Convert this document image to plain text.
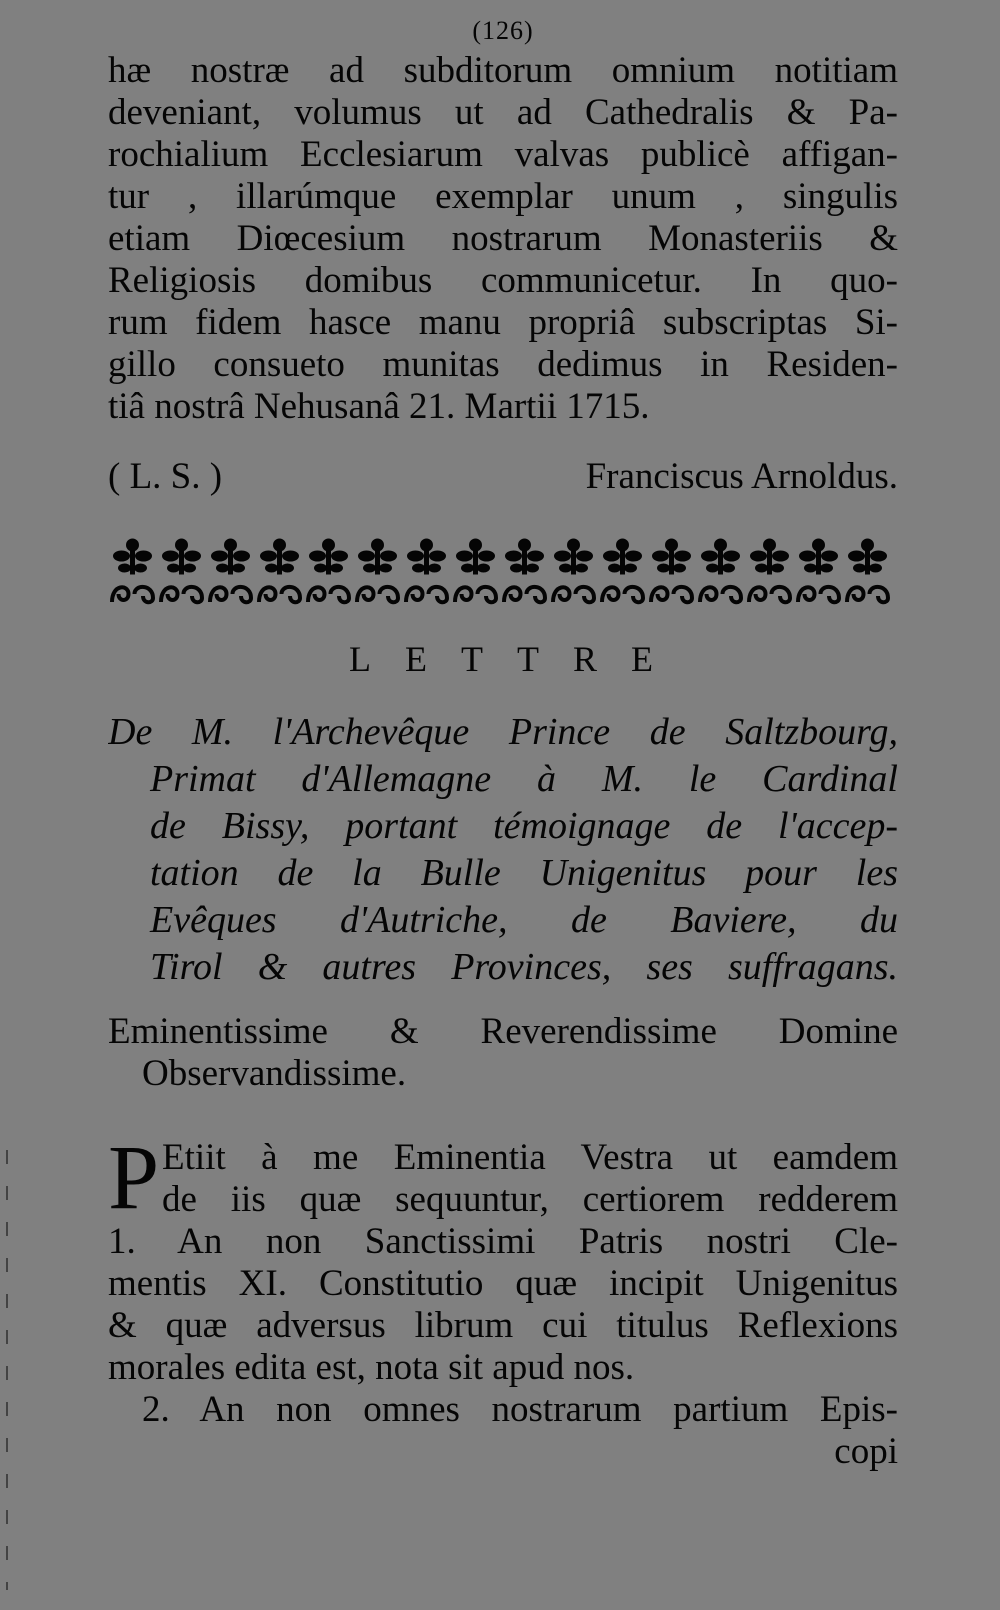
(126)
hæ nostræ ad subditorum omnium notitiam
deveniant, volumus ut ad Cathedralis & Pa-
rochialium Ecclesiarum valvas publicè affigan-
tur , illarúmque exemplar unum , singulis
etiam Diœcesium nostrarum Monasteriis &
Religiosis domibus communicetur. In quo-
rum fidem hasce manu propriâ subscriptas Si-
gillo consueto munitas dedimus in Residen-
tiâ nostrâ Nehusanâ 21. Martii 1715.
( L. S. )	Franciscus Arnoldus.
LETTRE
De M. l'Archevêque Prince de Saltzbourg,
Primat d'Allemagne à M. le Cardinal
de Bissy, portant témoignage de l'accep-
tation de la Bulle Unigenitus pour les
Evêques d'Autriche, de Baviere, du
Tirol & autres Provinces, ses suffragans.
Eminentissime & Reverendissime Domine
Observandissime.
P Etiit à me Eminentia Vestra ut eamdem
de iis quæ sequuntur, certiorem redderem
1. An non Sanctissimi Patris nostri Cle-
mentis XI. Constitutio quæ incipit Unigenitus
& quæ adversus librum cui titulus Reflexions
morales edita est, nota sit apud nos.
2. An non omnes nostrarum partium Epis-
copi
